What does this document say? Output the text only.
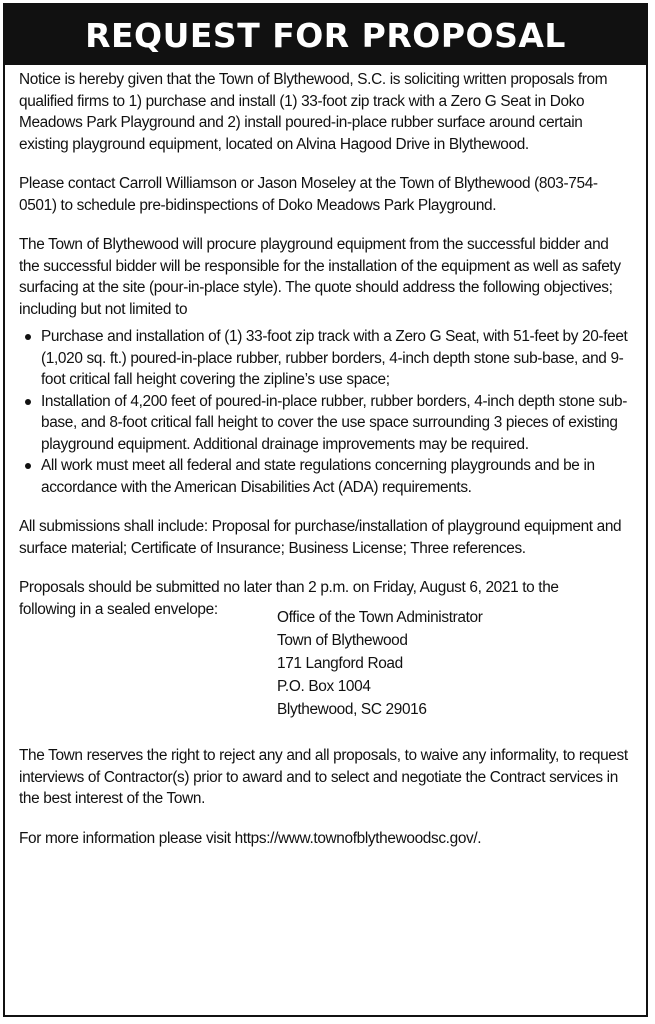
REQUEST FOR PROPOSAL

Notice is hereby given that the Town of Blythewood, S.C. is soliciting written proposals from qualified firms to 1) purchase and install (1) 33-foot zip track with a Zero G Seat in Doko Meadows Park Playground and 2) install poured-in-place rubber surface around certain existing playground equipment, located on Alvina Hagood Drive in Blythewood.

Please contact Carroll Williamson or Jason Moseley at the Town of Blythewood (803-754-0501) to schedule pre-bidinspections of Doko Meadows Park Playground.

The Town of Blythewood will procure playground equipment from the successful bidder and the successful bidder will be responsible for the installation of the equipment as well as safety surfacing at the site (pour-in-place style). The quote should address the following objectives; including but not limited to

Purchase and installation of (1) 33-foot zip track with a Zero G Seat, with 51-feet by 20-feet (1,020 sq. ft.) poured-in-place rubber, rubber borders, 4-inch depth stone sub-base, and 9-foot critical fall height covering the zipline’s use space;
Installation of 4,200 feet of poured-in-place rubber, rubber borders, 4-inch depth stone sub-base, and 8-foot critical fall height to cover the use space surrounding 3 pieces of existing playground equipment. Additional drainage improvements may be required.
All work must meet all federal and state regulations concerning playgrounds and be in accordance with the American Disabilities Act (ADA) requirements.

All submissions shall include: Proposal for purchase/installation of playground equipment and surface material; Certificate of Insurance; Business License; Three references.

Proposals should be submitted no later than 2 p.m. on Friday, August 6, 2021 to the

following in a sealed envelope:	Office of the Town Administrator
Town of Blythewood
171 Langford Road
P.O. Box 1004
Blythewood, SC 29016

The Town reserves the right to reject any and all proposals, to waive any informality, to request interviews of Contractor(s) prior to award and to select and negotiate the Contract services in the best interest of the Town.

For more information please visit https://www.townofblythewoodsc.gov/.
